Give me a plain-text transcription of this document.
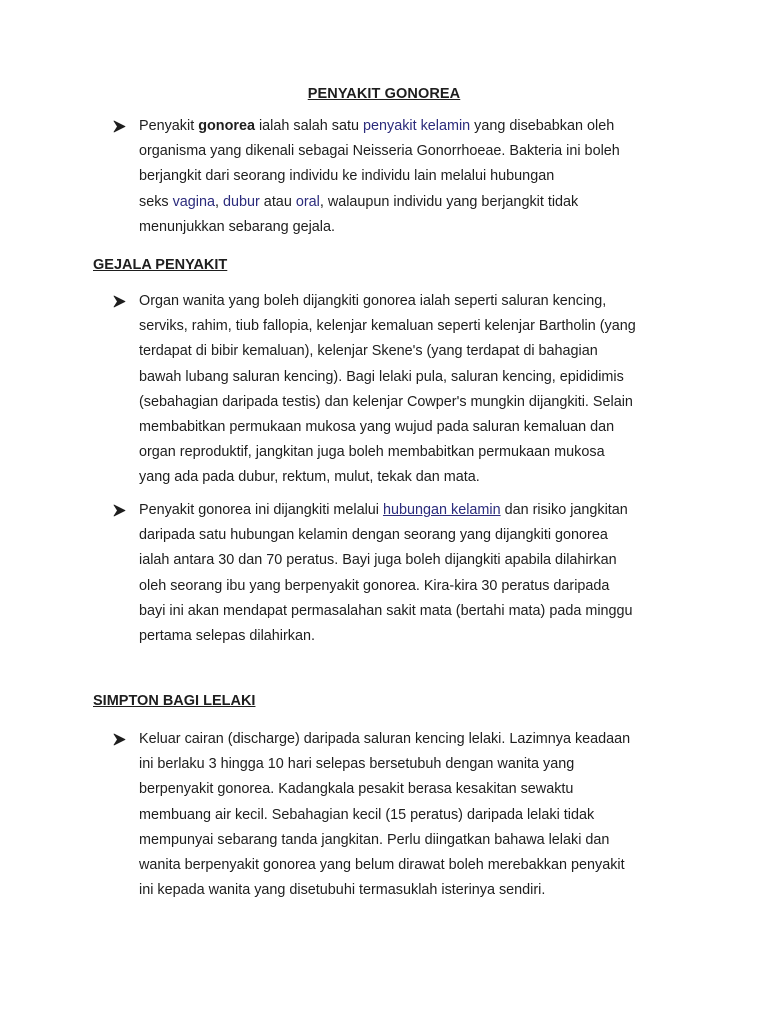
PENYAKIT GONOREA
Penyakit gonorea ialah salah satu penyakit kelamin yang disebabkan oleh
organisma yang dikenali sebagai Neisseria Gonorrhoeae. Bakteria ini boleh
berjangkit dari seorang individu ke individu lain melalui hubungan
seks vagina, dubur atau oral, walaupun individu yang berjangkit tidak
menunjukkan sebarang gejala.
GEJALA PENYAKIT
Organ wanita yang boleh dijangkiti gonorea ialah seperti saluran kencing,
serviks, rahim, tiub fallopia, kelenjar kemaluan seperti kelenjar Bartholin (yang
terdapat di bibir kemaluan), kelenjar Skene's (yang terdapat di bahagian
bawah lubang saluran kencing). Bagi lelaki pula, saluran kencing, epididimis
(sebahagian daripada testis) dan kelenjar Cowper's mungkin dijangkiti. Selain
membabitkan permukaan mukosa yang wujud pada saluran kemaluan dan
organ reproduktif, jangkitan juga boleh membabitkan permukaan mukosa
yang ada pada dubur, rektum, mulut, tekak dan mata.
Penyakit gonorea ini dijangkiti melalui hubungan kelamin dan risiko jangkitan
daripada satu hubungan kelamin dengan seorang yang dijangkiti gonorea
ialah antara 30 dan 70 peratus. Bayi juga boleh dijangkiti apabila dilahirkan
oleh seorang ibu yang berpenyakit gonorea. Kira-kira 30 peratus daripada
bayi ini akan mendapat permasalahan sakit mata (bertahi mata) pada minggu
pertama selepas dilahirkan.
SIMPTON BAGI LELAKI
Keluar cairan (discharge) daripada saluran kencing lelaki. Lazimnya keadaan
ini berlaku 3 hingga 10 hari selepas bersetubuh dengan wanita yang
berpenyakit gonorea. Kadangkala pesakit berasa kesakitan sewaktu
membuang air kecil. Sebahagian kecil (15 peratus) daripada lelaki tidak
mempunyai sebarang tanda jangkitan. Perlu diingatkan bahawa lelaki dan
wanita berpenyakit gonorea yang belum dirawat boleh merebakkan penyakit
ini kepada wanita yang disetubuhi termasuklah isterinya sendiri.
